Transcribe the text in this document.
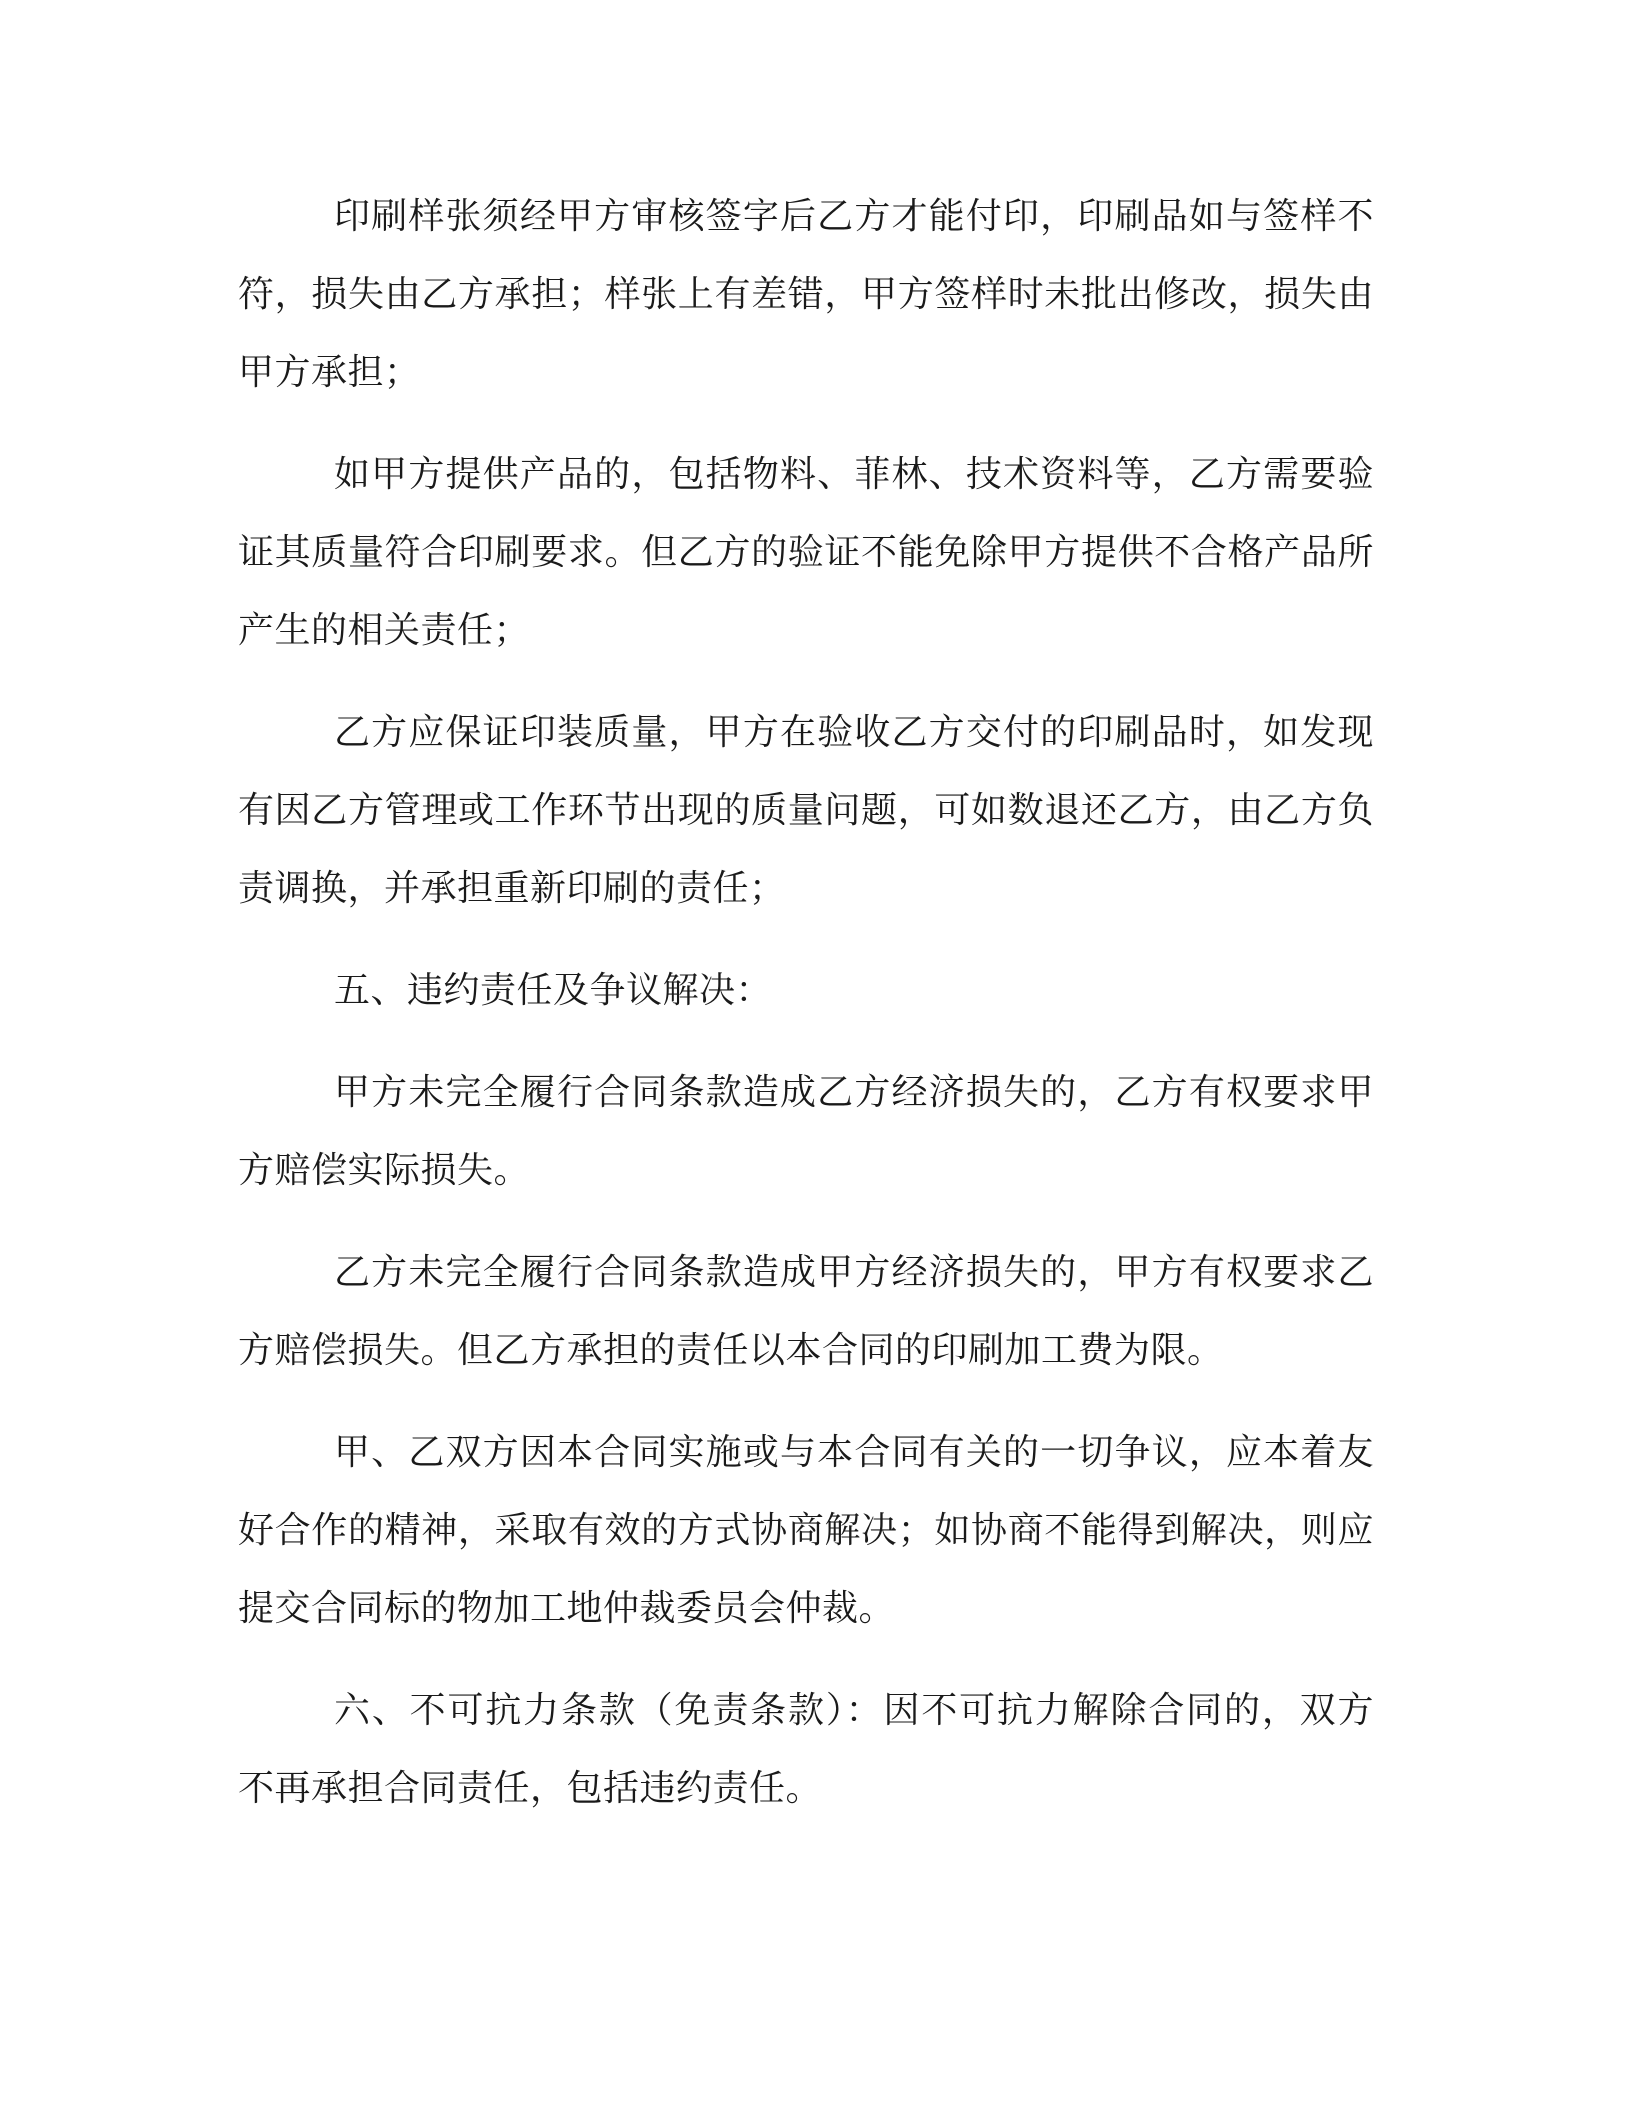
印刷样张须经甲方审核签字后乙方才能付印，印刷品如与签样不符，损失由乙方承担；样张上有差错，甲方签样时未批出修改，损失由甲方承担；

如甲方提供产品的，包括物料、菲林、技术资料等，乙方需要验证其质量符合印刷要求。但乙方的验证不能免除甲方提供不合格产品所产生的相关责任；

乙方应保证印装质量，甲方在验收乙方交付的印刷品时，如发现有因乙方管理或工作环节出现的质量问题，可如数退还乙方，由乙方负责调换，并承担重新印刷的责任；

五、违约责任及争议解决：

甲方未完全履行合同条款造成乙方经济损失的，乙方有权要求甲方赔偿实际损失。

乙方未完全履行合同条款造成甲方经济损失的，甲方有权要求乙方赔偿损失。但乙方承担的责任以本合同的印刷加工费为限。

甲、乙双方因本合同实施或与本合同有关的一切争议，应本着友好合作的精神，采取有效的方式协商解决；如协商不能得到解决，则应提交合同标的物加工地仲裁委员会仲裁。

六、不可抗力条款（免责条款）：因不可抗力解除合同的，双方不再承担合同责任，包括违约责任。
